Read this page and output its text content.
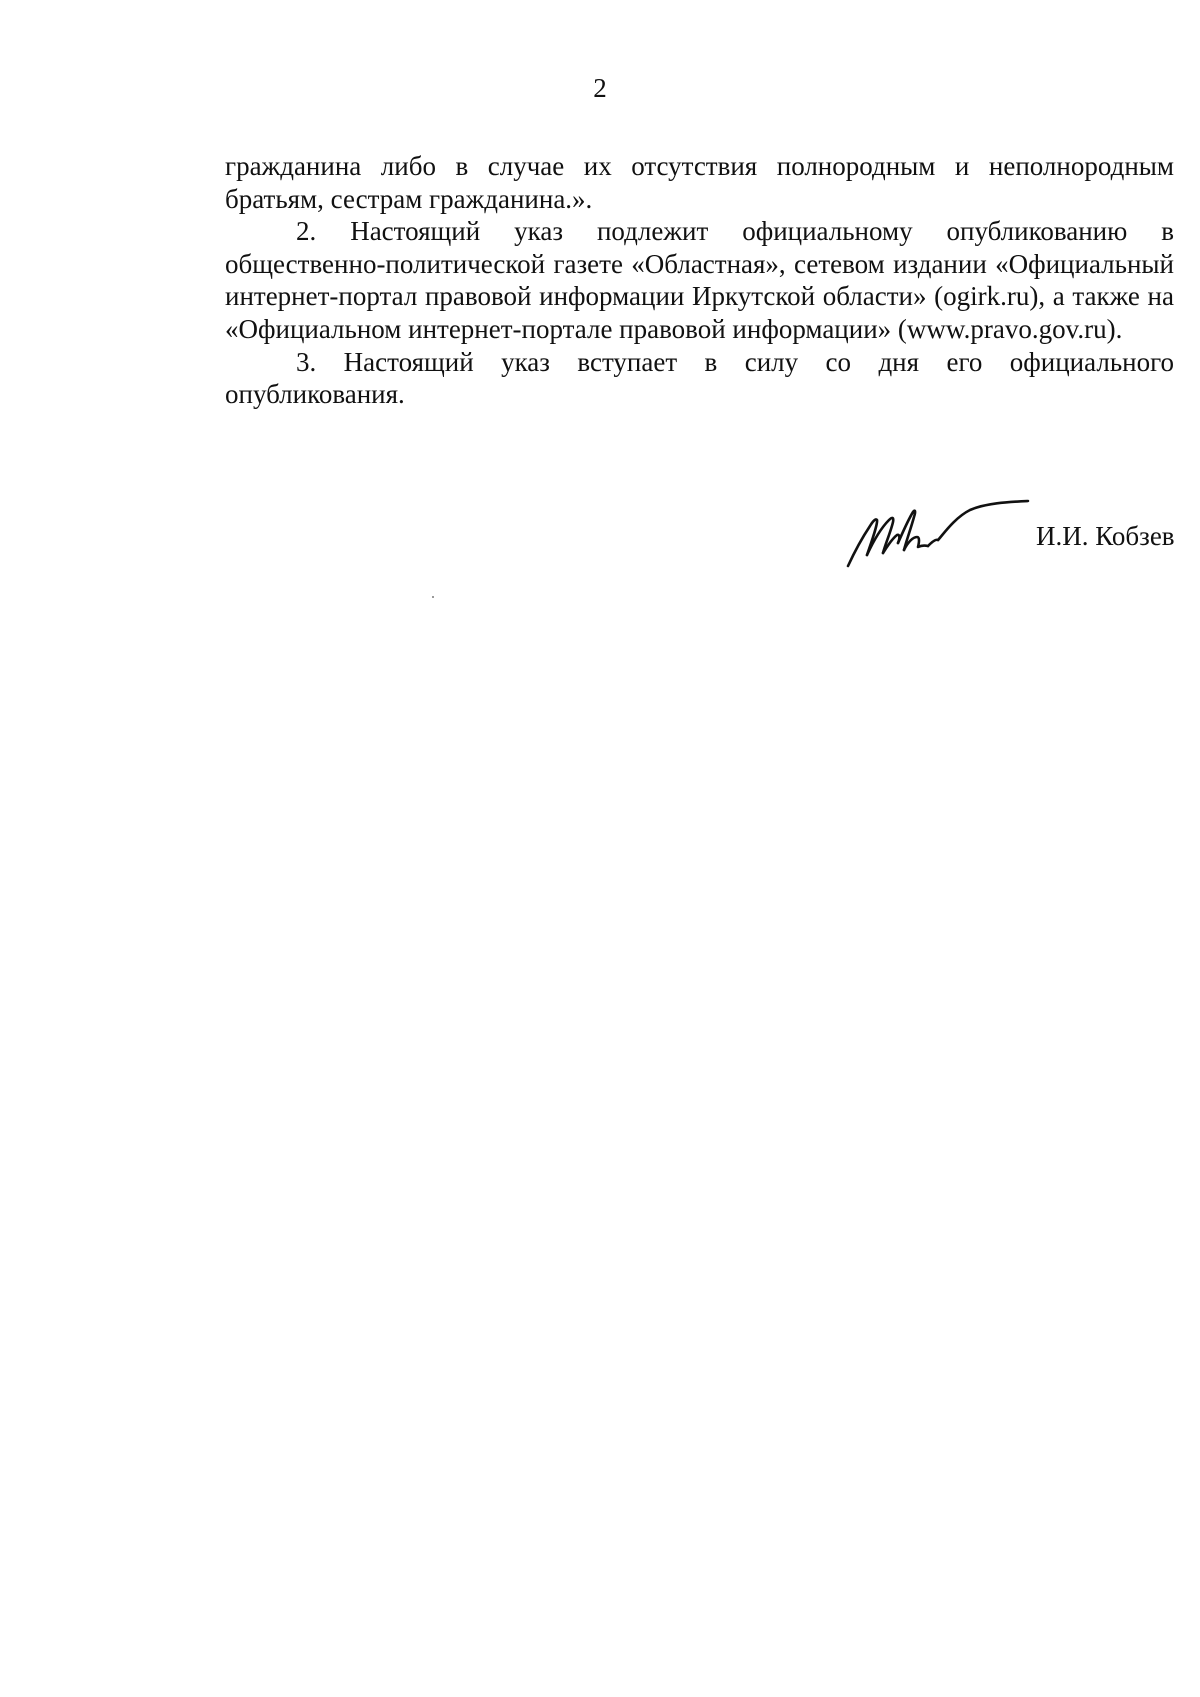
2

гражданина либо в случае их отсутствия полнородным и неполнородным братьям, сестрам гражданина.».

2. Настоящий указ подлежит официальному опубликованию в общественно-политической газете «Областная», сетевом издании «Официальный интернет-портал правовой информации Иркутской области» (ogirk.ru), а также на «Официальном интернет-портале правовой информации» (www.pravo.gov.ru).

3. Настоящий указ вступает в силу со дня его официального опубликования.

И.И. Кобзев
